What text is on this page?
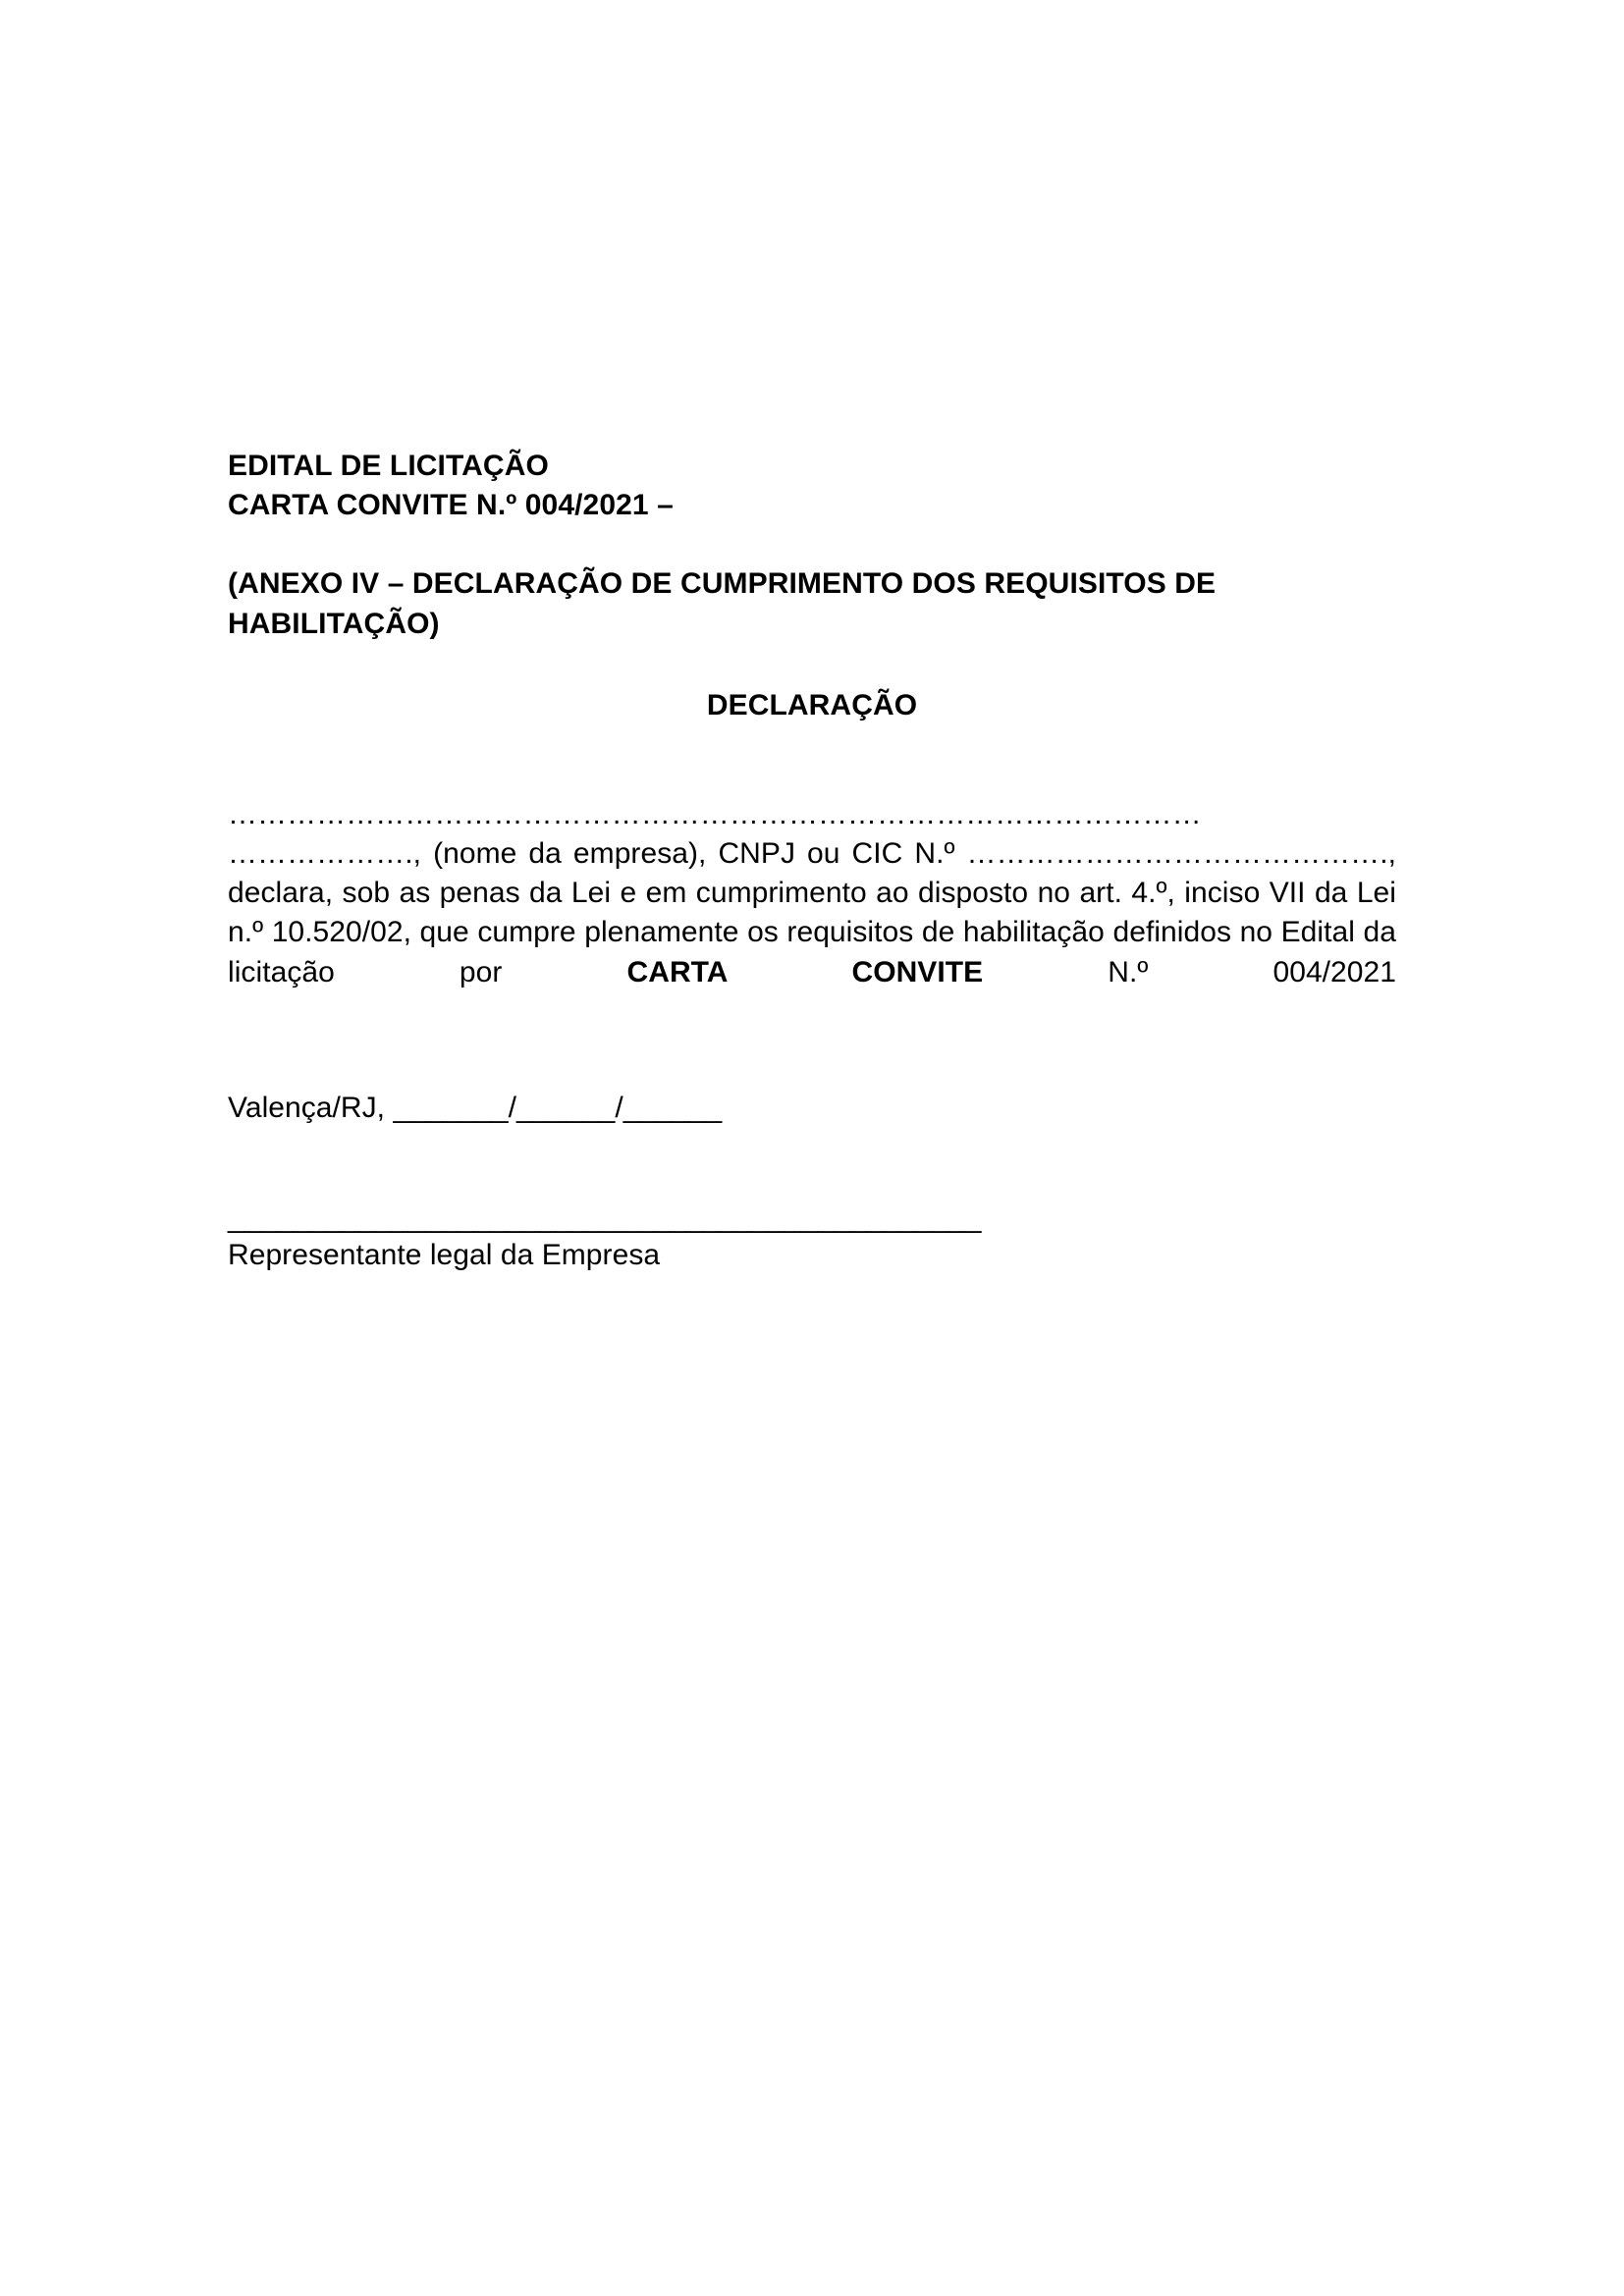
EDITAL DE LICITAÇÃO
CARTA CONVITE N.º 004/2021 –
(ANEXO IV – DECLARAÇÃO DE CUMPRIMENTO DOS REQUISITOS DE
HABILITAÇÃO)
DECLARAÇÃO
………………………………………………………………………………………
………………., (nome da empresa), CNPJ ou CIC N.º ……………………………………., declara, sob as penas da Lei e em cumprimento ao disposto no art. 4.º, inciso VII da Lei n.º 10.520/02, que cumpre plenamente os requisitos de habilitação definidos no Edital da licitação por CARTA CONVITE N.º 004/2021
Valença/RJ, _______/______/______
______________________________________________
Representante legal da Empresa
